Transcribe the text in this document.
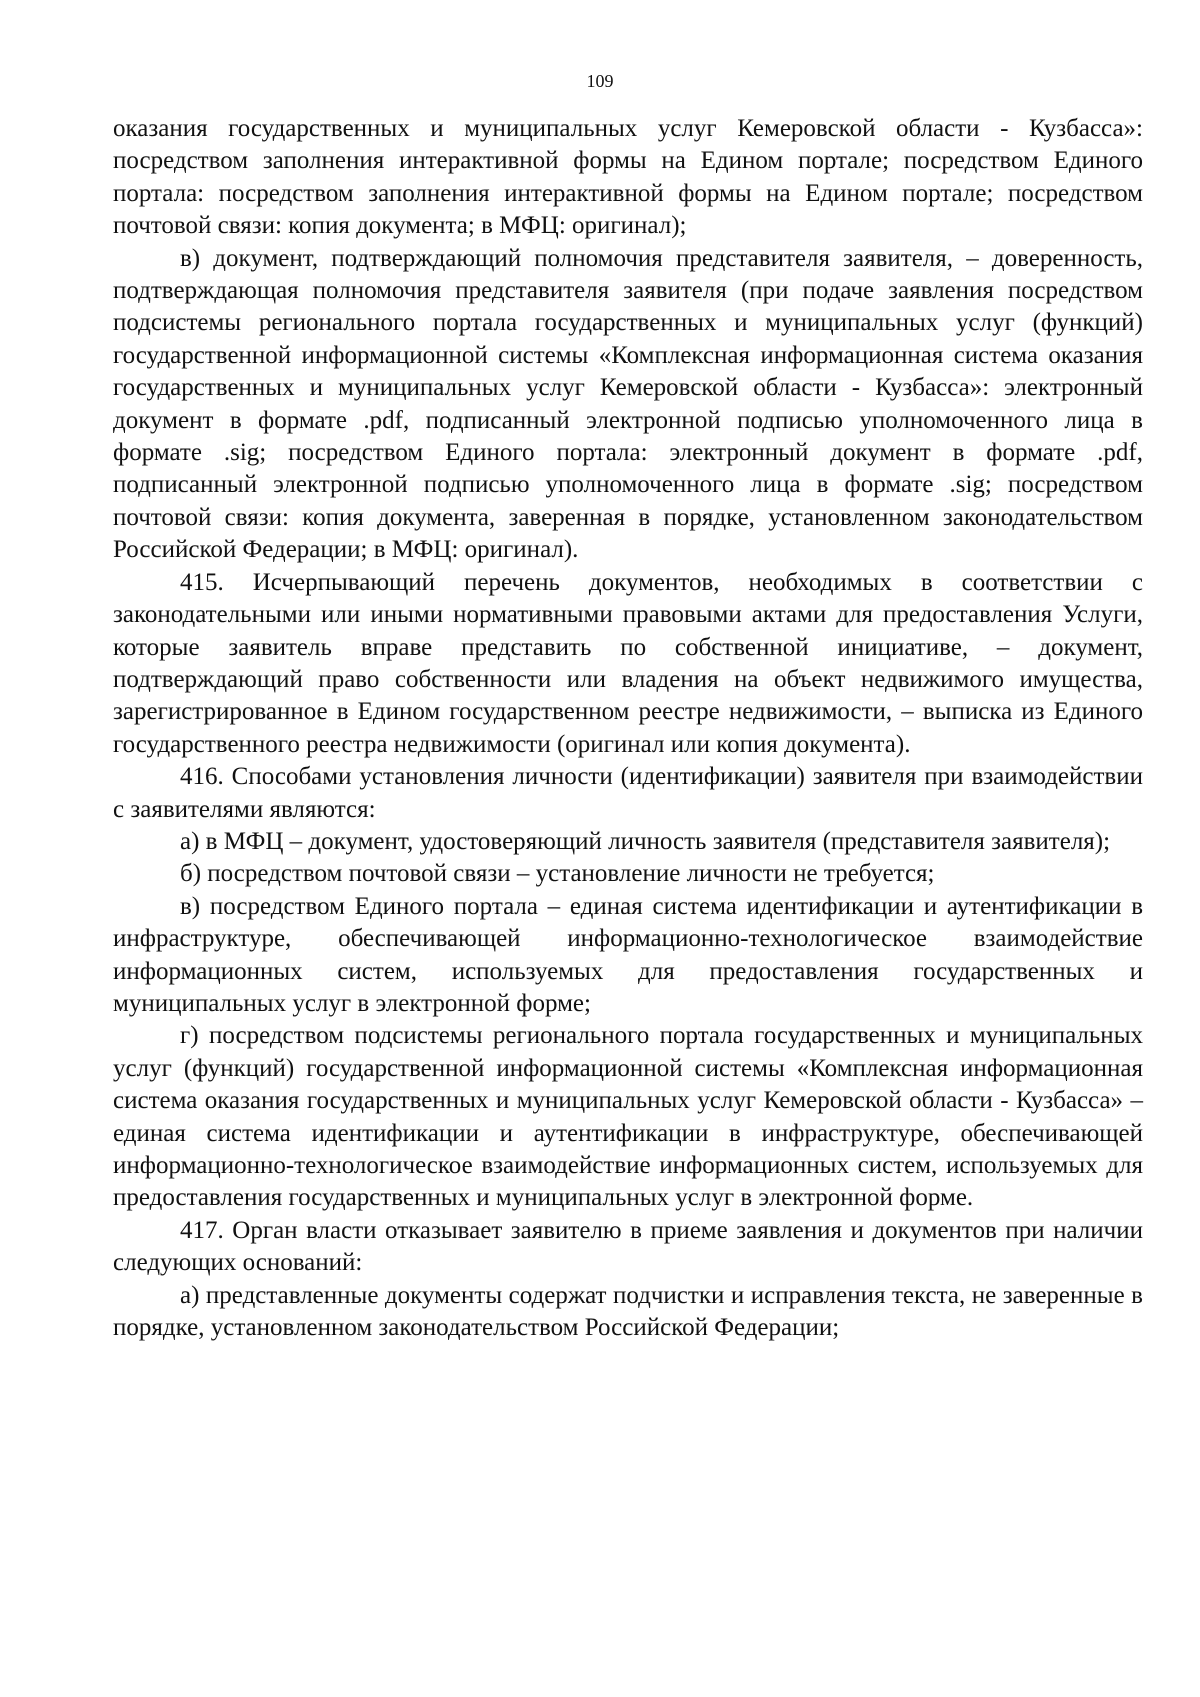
109

оказания государственных и муниципальных услуг Кемеровской области - Кузбасса»: посредством заполнения интерактивной формы на Едином портале; посредством Единого портала: посредством заполнения интерактивной формы на Едином портале; посредством почтовой связи: копия документа; в МФЦ: оригинал);

в) документ, подтверждающий полномочия представителя заявителя, – доверенность, подтверждающая полномочия представителя заявителя (при подаче заявления посредством подсистемы регионального портала государственных и муниципальных услуг (функций) государственной информационной системы «Комплексная информационная система оказания государственных и муниципальных услуг Кемеровской области - Кузбасса»: электронный документ в формате .pdf, подписанный электронной подписью уполномоченного лица в формате .sig; посредством Единого портала: электронный документ в формате .pdf, подписанный электронной подписью уполномоченного лица в формате .sig; посредством почтовой связи: копия документа, заверенная в порядке, установленном законодательством Российской Федерации; в МФЦ: оригинал).

415. Исчерпывающий перечень документов, необходимых в соответствии с законодательными или иными нормативными правовыми актами для предоставления Услуги, которые заявитель вправе представить по собственной инициативе, – документ, подтверждающий право собственности или владения на объект недвижимого имущества, зарегистрированное в Едином государственном реестре недвижимости, – выписка из Единого государственного реестра недвижимости (оригинал или копия документа).

416. Способами установления личности (идентификации) заявителя при взаимодействии с заявителями являются:

а) в МФЦ – документ, удостоверяющий личность заявителя (представителя заявителя);

б) посредством почтовой связи – установление личности не требуется;

в) посредством Единого портала – единая система идентификации и аутентификации в инфраструктуре, обеспечивающей информационно-технологическое взаимодействие информационных систем, используемых для предоставления государственных и муниципальных услуг в электронной форме;

г) посредством подсистемы регионального портала государственных и муниципальных услуг (функций) государственной информационной системы «Комплексная информационная система оказания государственных и муниципальных услуг Кемеровской области - Кузбасса» – единая система идентификации и аутентификации в инфраструктуре, обеспечивающей информационно-технологическое взаимодействие информационных систем, используемых для предоставления государственных и муниципальных услуг в электронной форме.

417. Орган власти отказывает заявителю в приеме заявления и документов при наличии следующих оснований:

а) представленные документы содержат подчистки и исправления текста, не заверенные в порядке, установленном законодательством Российской Федерации;
